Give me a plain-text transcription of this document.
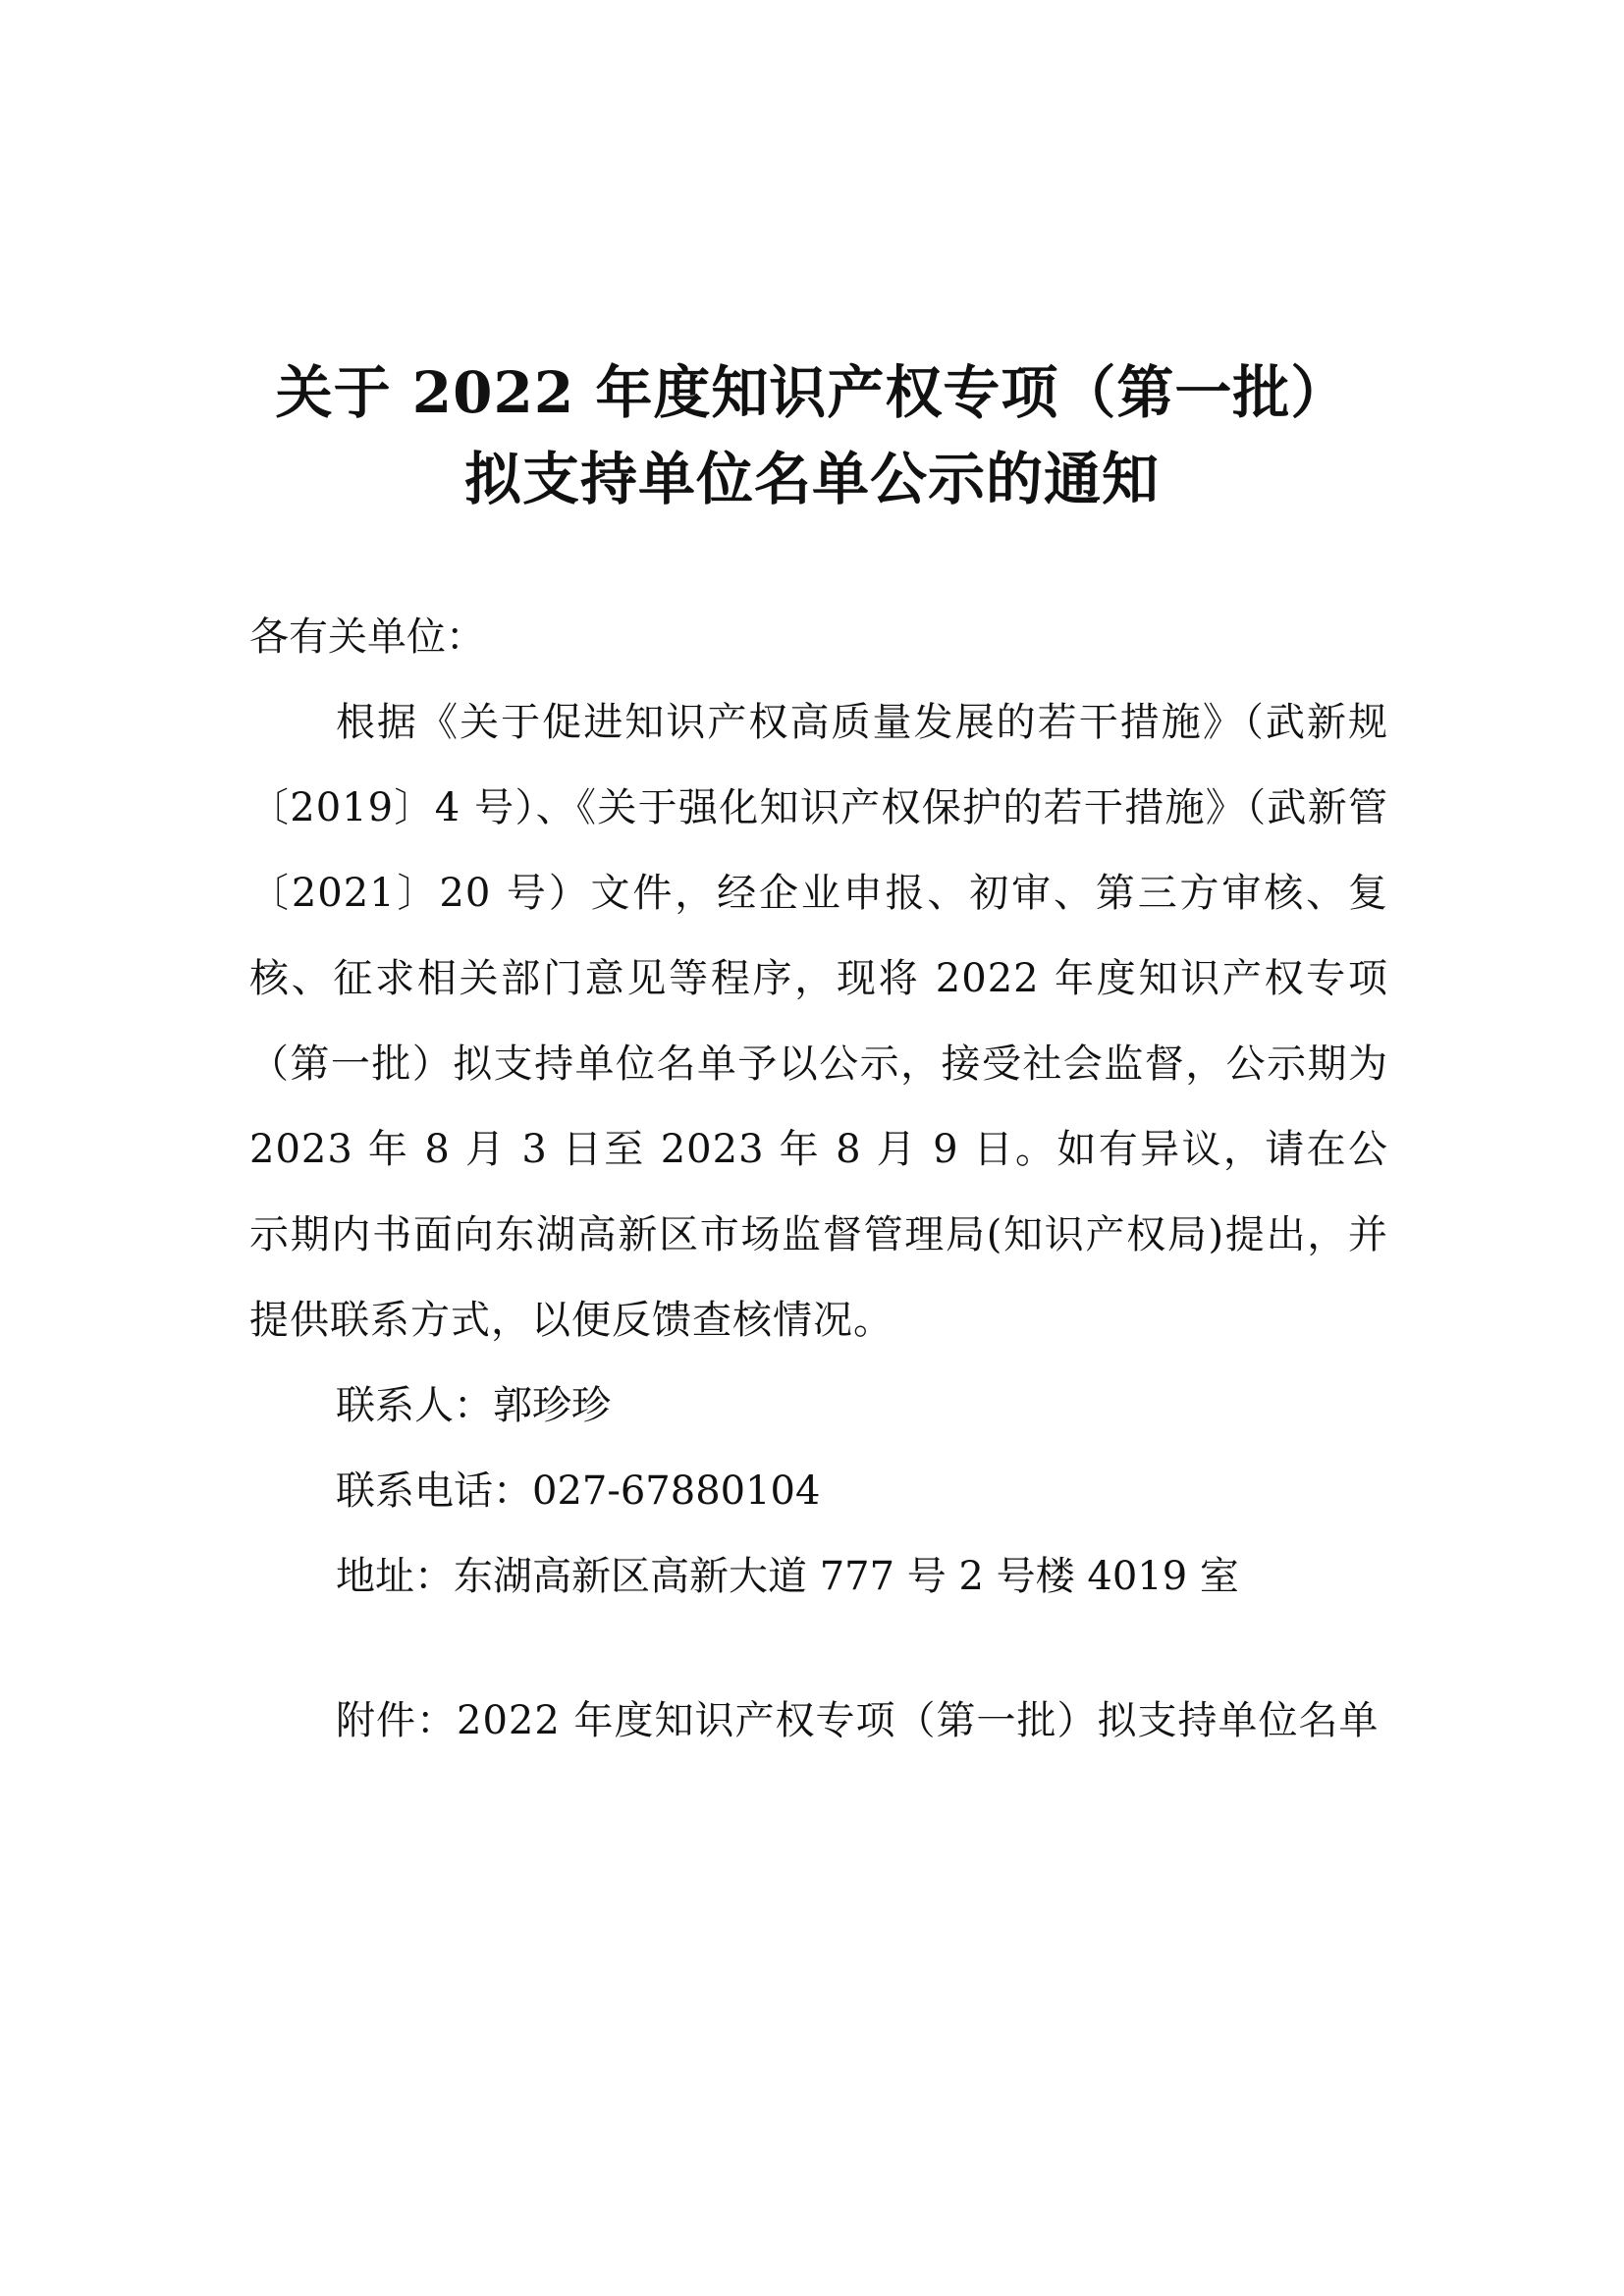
关于 2022 年度知识产权专项（第一批）
拟支持单位名单公示的通知

各有关单位：

根据《关于促进知识产权高质量发展的若干措施》（武新规〔2019〕4 号）、《关于强化知识产权保护的若干措施》（武新管〔2021〕20 号）文件，经企业申报、初审、第三方审核、复核、征求相关部门意见等程序，现将 2022 年度知识产权专项（第一批）拟支持单位名单予以公示，接受社会监督，公示期为 2023 年 8 月 3 日至 2023 年 8 月 9 日。如有异议，请在公示期内书面向东湖高新区市场监督管理局(知识产权局)提出，并提供联系方式，以便反馈查核情况。

联系人：郭珍珍

联系电话：027-67880104

地址：东湖高新区高新大道 777 号 2 号楼 4019 室

附件：2022 年度知识产权专项（第一批）拟支持单位名单
